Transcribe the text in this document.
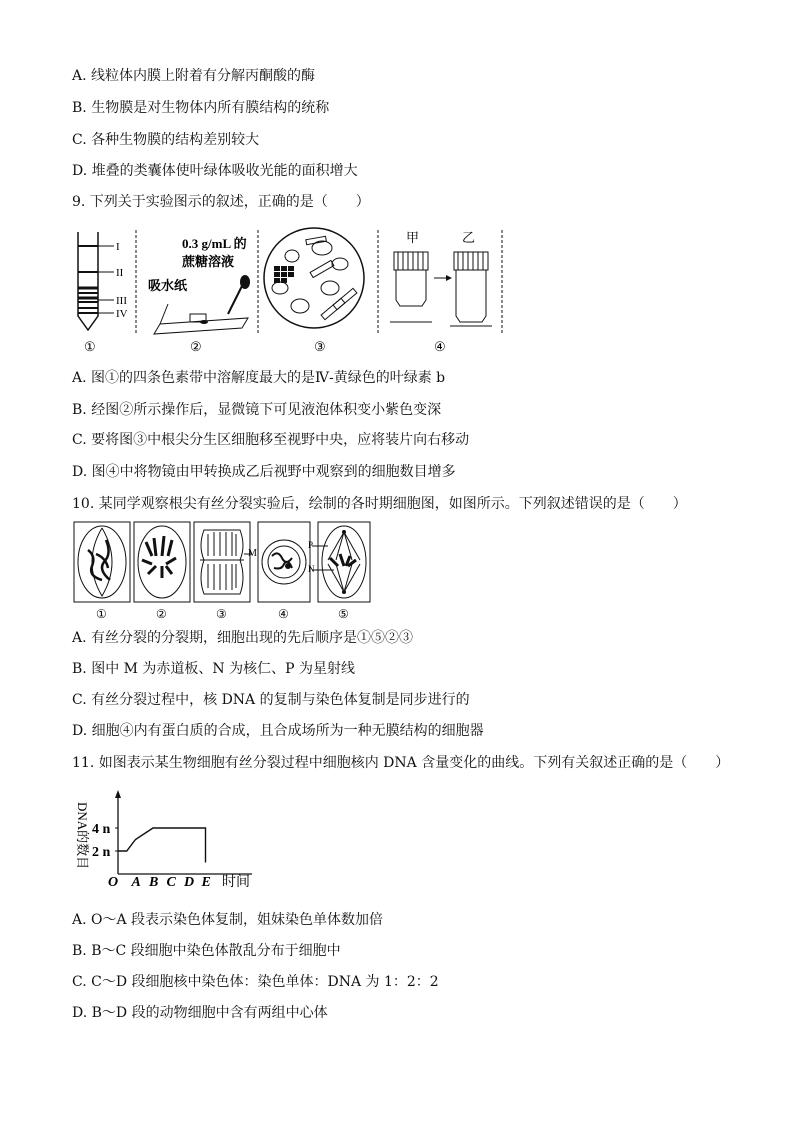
A. 线粒体内膜上附着有分解丙酮酸的酶
B. 生物膜是对生物体内所有膜结构的统称
C. 各种生物膜的结构差别较大
D. 堆叠的类囊体使叶绿体吸收光能的面积增大
9. 下列关于实验图示的叙述，正确的是（　　）
I
II
III
IV
0.3 g/mL 的
蔗糖溶液
吸水纸
甲	乙
①	②	③	④
A. 图①的四条色素带中溶解度最大的是Ⅳ-黄绿色的叶绿素 b
B. 经图②所示操作后，显微镜下可见液泡体积变小紫色变深
C. 要将图③中根尖分生区细胞移至视野中央，应将装片向右移动
D. 图④中将物镜由甲转换成乙后视野中观察到的细胞数目增多
10. 某同学观察根尖有丝分裂实验后，绘制的各时期细胞图，如图所示。下列叙述错误的是（　　）
M
P
N
①	②	③	④	⑤
A. 有丝分裂的分裂期，细胞出现的先后顺序是①⑤②③
B. 图中 M 为赤道板、N 为核仁、P 为星射线
C. 有丝分裂过程中，核 DNA 的复制与染色体复制是同步进行的
D. 细胞④内有蛋白质的合成，且合成场所为一种无膜结构的细胞器
11. 如图表示某生物细胞有丝分裂过程中细胞核内 DNA 含量变化的曲线。下列有关叙述正确的是（　　）
DNA的数目
O A B C D E
2 n
4 n
时间
A. O～A 段表示染色体复制，姐妹染色单体数加倍
B. B～C 段细胞中染色体散乱分布于细胞中
C. C～D 段细胞核中染色体：染色单体：DNA 为 1：2：2
D. B～D 段的动物细胞中含有两组中心体
